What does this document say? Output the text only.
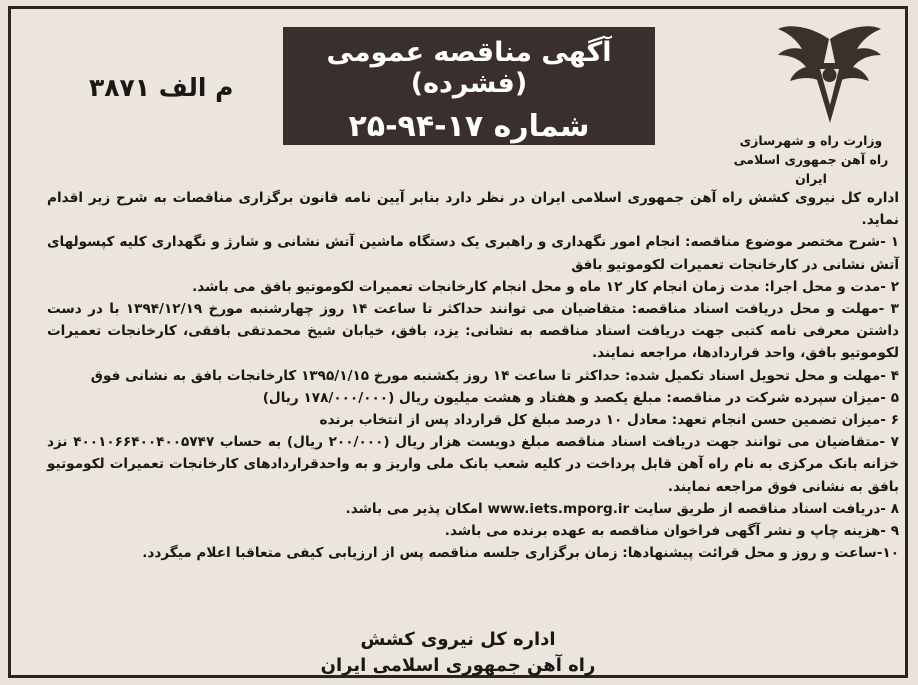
وزارت راه و شهرسازی
راه آهن جمهوری اسلامی ایران
آگهی مناقصه عمومی (فشرده)
شماره ۱۷-۹۴-۲۵
م الف ۳۸۷۱

اداره کل نیروی کشش راه آهن جمهوری اسلامی ایران در نظر دارد بنابر آیین نامه قانون برگزاری مناقصات به شرح زیر اقدام نماید.

۱ -شرح مختصر موضوع مناقصه: انجام امور نگهداری و راهبری یک دستگاه ماشین آتش نشانی و شارژ و نگهداری کلیه کپسولهای آتش نشانی در کارخانجات تعمیرات لکوموتیو بافق

۲ -مدت و محل اجرا: مدت زمان انجام کار ۱۲ ماه و محل انجام کارخانجات تعمیرات لکوموتیو بافق می باشد.

۳ -مهلت و محل دریافت اسناد مناقصه: متقاضیان می توانند حداکثر تا ساعت ۱۴ روز چهارشنبه مورخ ۱۳۹۴/۱۲/۱۹ با در دست داشتن معرفی نامه کتبی جهت دریافت اسناد مناقصه به نشانی: یزد، بافق، خیابان شیخ محمدتقی بافقی، کارخانجات تعمیرات لکوموتیو بافق، واحد قراردادها، مراجعه نمایند.

۴ -مهلت و محل تحویل اسناد تکمیل شده: حداکثر تا ساعت ۱۴ روز یکشنبه مورخ ۱۳۹۵/۱/۱۵ کارخانجات بافق به نشانی فوق

۵ -میزان سپرده شرکت در مناقصه: مبلغ یکصد و هفتاد و هشت میلیون ریال (۱۷۸/۰۰۰/۰۰۰ ریال)

۶ -میزان تضمین حسن انجام تعهد: معادل ۱۰ درصد مبلغ کل قرارداد پس از انتخاب برنده

۷ -متقاضیان می توانند جهت دریافت اسناد مناقصه مبلغ دویست هزار ریال (۲۰۰/۰۰۰ ریال) به حساب ۴۰۰۱۰۶۶۴۰۰۴۰۰۵۷۴۷ نزد خزانه بانک مرکزی به نام راه آهن قابل پرداخت در کلیه شعب بانک ملی واریز و به واحدقراردادهای کارخانجات تعمیرات لکوموتیو بافق به نشانی فوق مراجعه نمایند.

۸ -دریافت اسناد مناقصه از طریق سایت www.iets.mporg.ir امکان پذیر می باشد.

۹ -هزینه چاپ و نشر آگهی فراخوان مناقصه به عهده برنده می باشد.

۱۰-ساعت و روز و محل قرائت پیشنهادها: زمان برگزاری جلسه مناقصه پس از ارزیابی کیفی متعاقبا اعلام میگردد.

اداره کل نیروی کشش
راه آهن جمهوری اسلامی ایران
